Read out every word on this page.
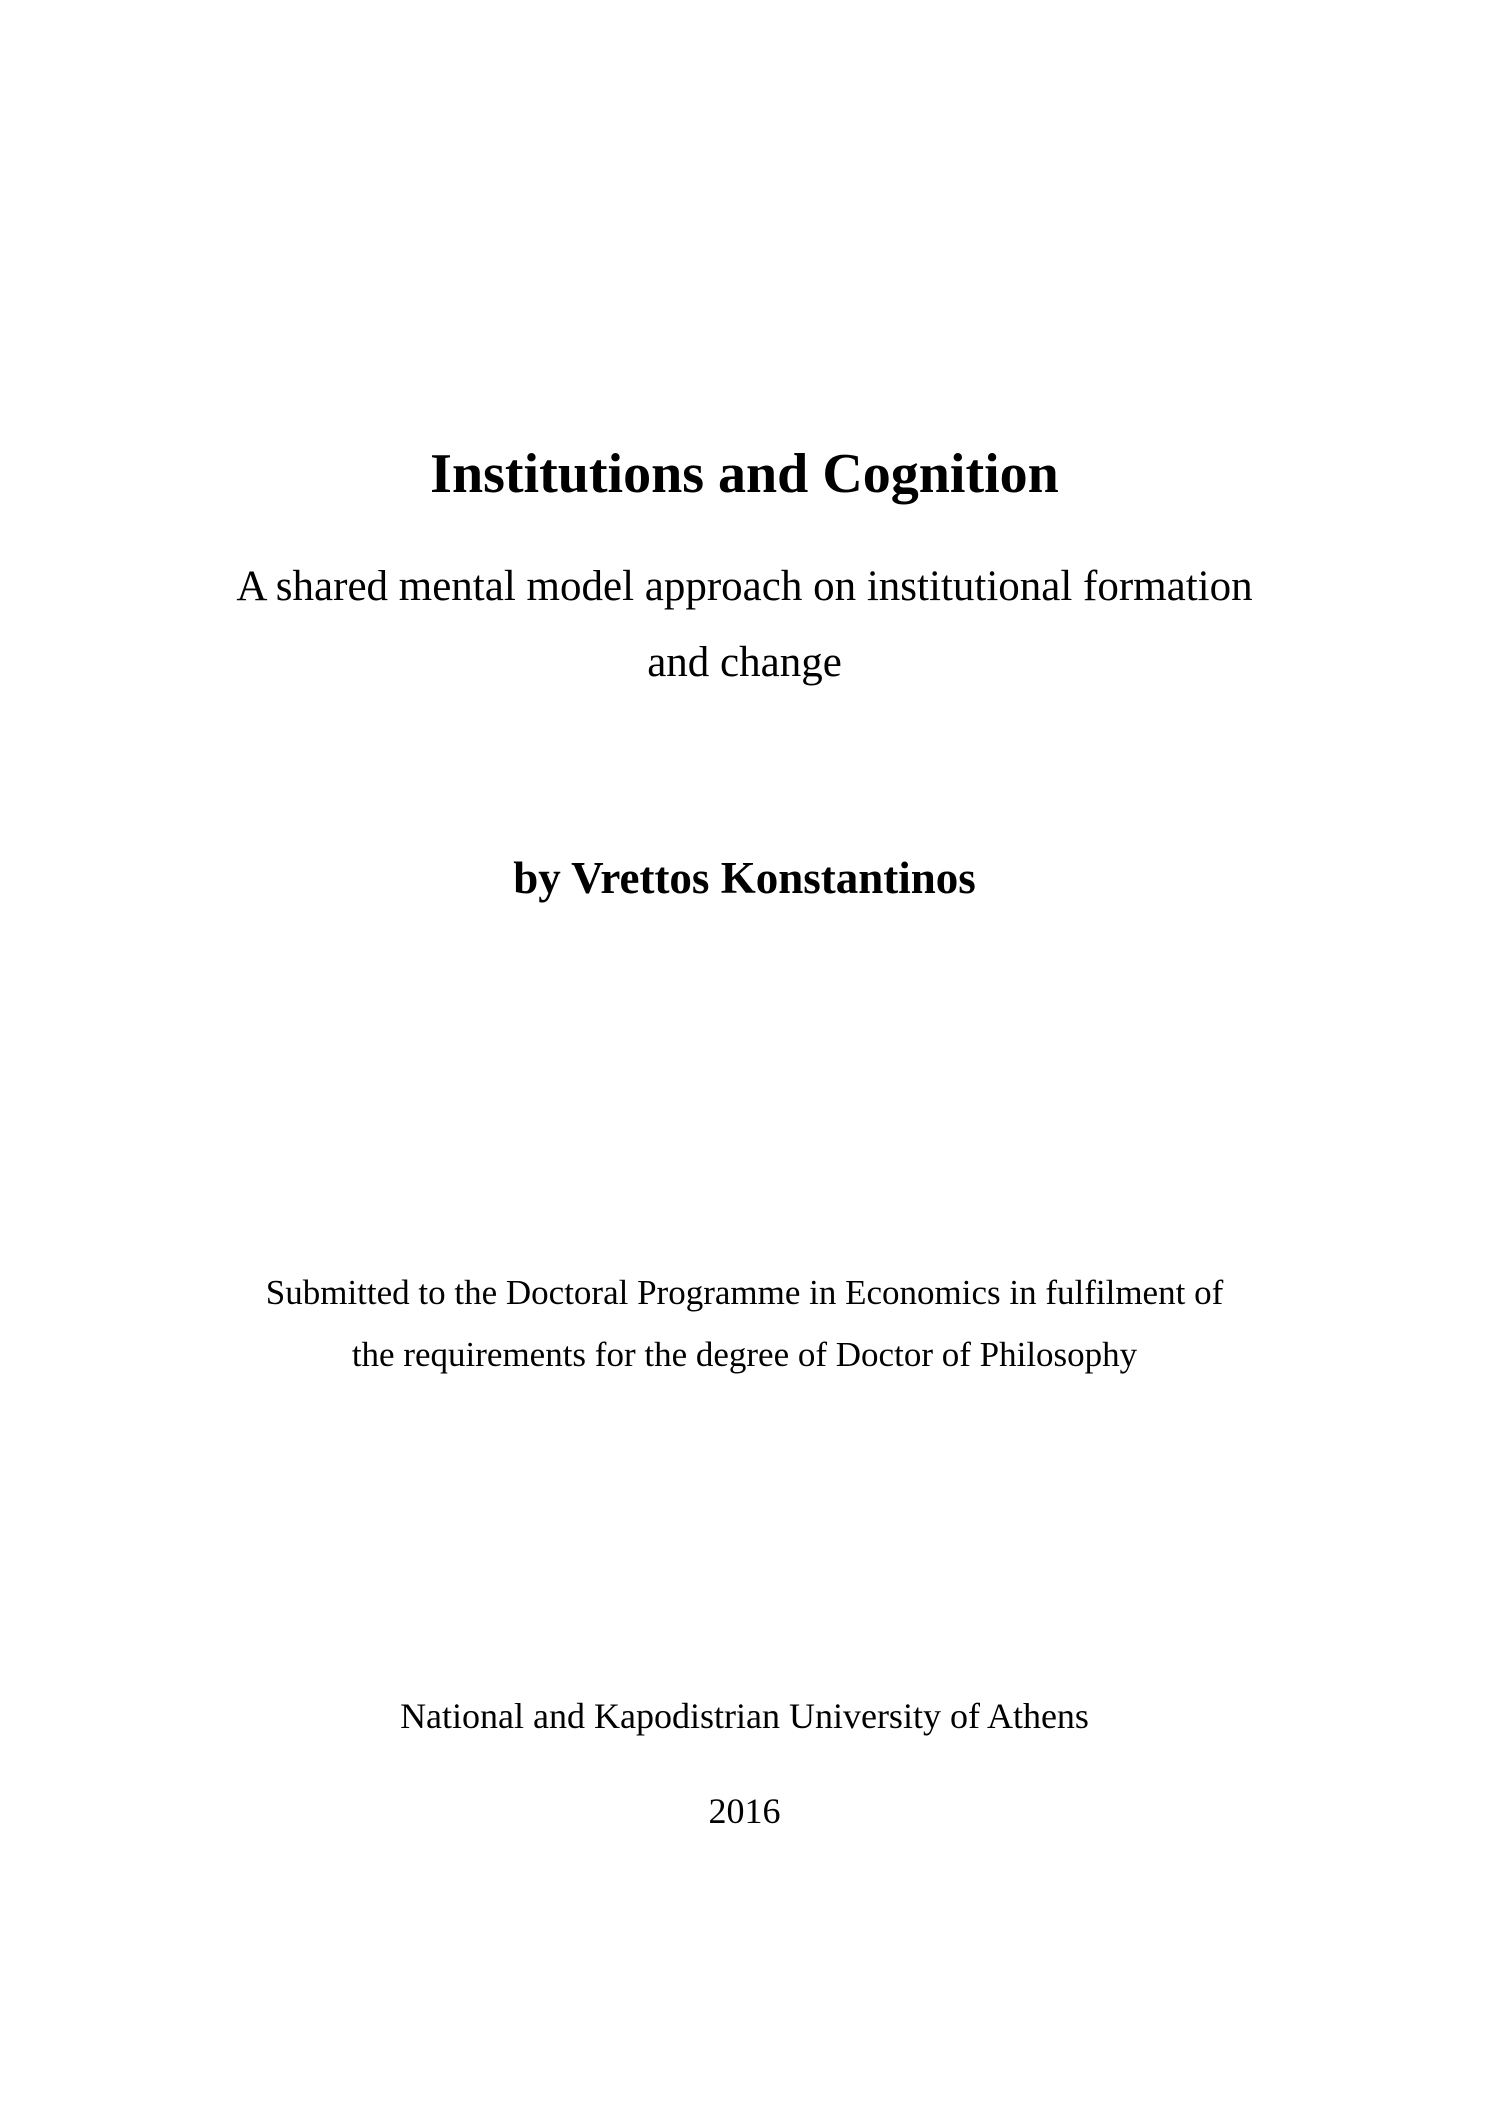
Institutions and Cognition
A shared mental model approach on institutional formation
and change
by Vrettos Konstantinos
Submitted to the Doctoral Programme in Economics in fulfilment of
the requirements for the degree of Doctor of Philosophy
National and Kapodistrian University of Athens
2016
